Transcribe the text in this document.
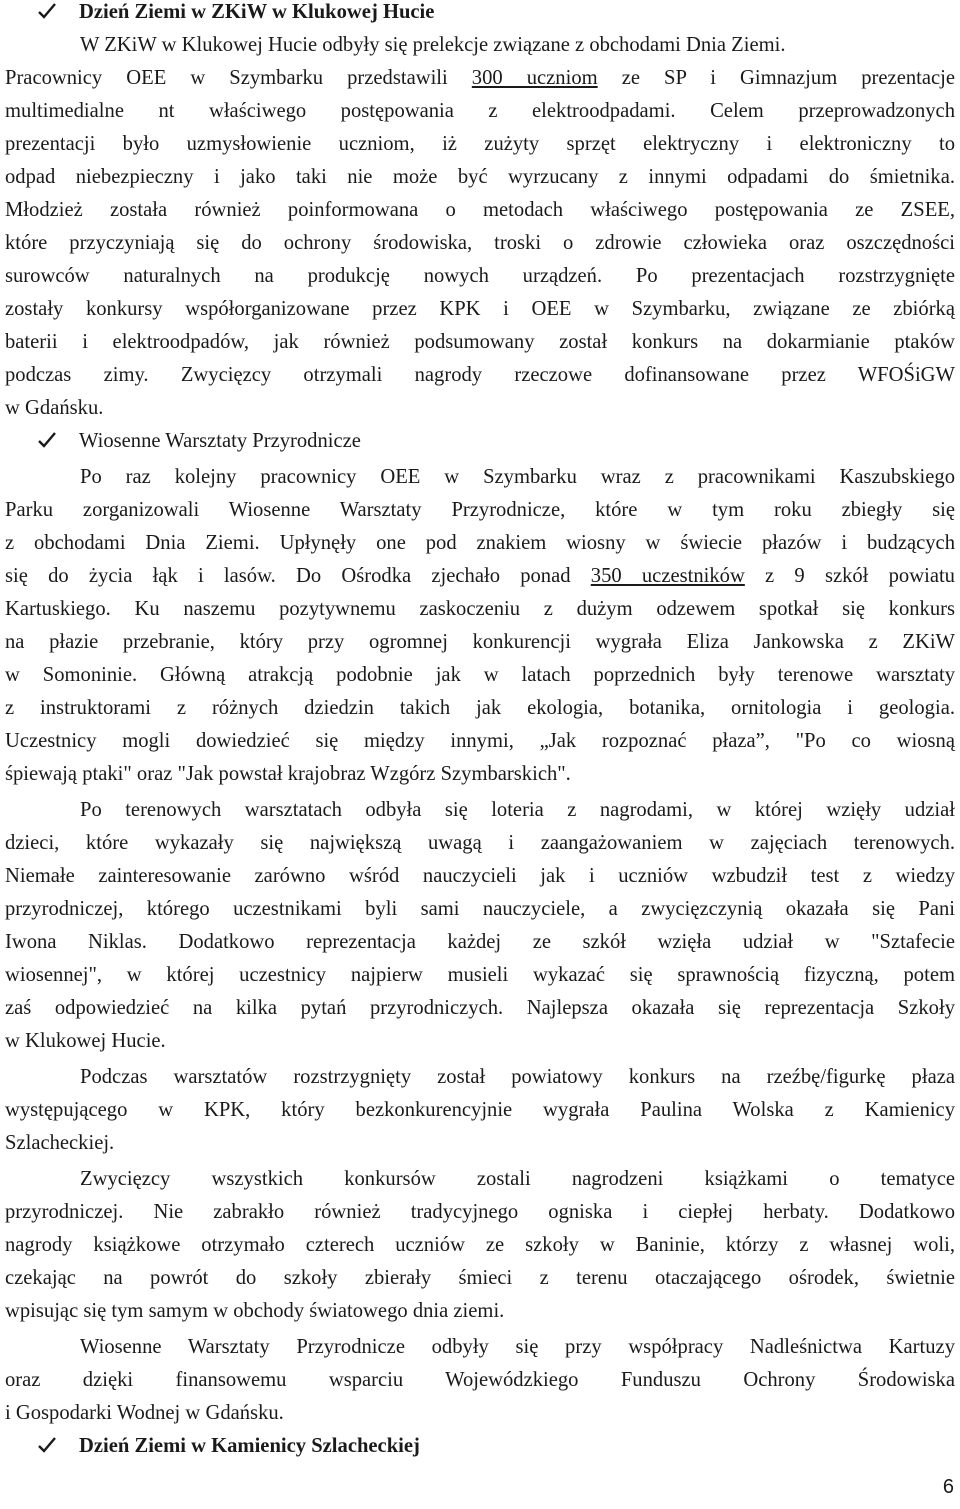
Dzień Ziemi w ZKiW w Klukowej Hucie
W ZKiW w Klukowej Hucie odbyły się prelekcje związane z obchodami Dnia Ziemi.
Pracownicy OEE w Szymbarku przedstawili 300 uczniom ze SP i Gimnazjum prezentacje
multimedialne nt właściwego postępowania z elektroodpadami. Celem przeprowadzonych
prezentacji było uzmysłowienie uczniom, iż zużyty sprzęt elektryczny i elektroniczny to
odpad niebezpieczny i jako taki nie może być wyrzucany z innymi odpadami do śmietnika.
Młodzież została również poinformowana o metodach właściwego postępowania ze ZSEE,
które przyczyniają się do ochrony środowiska, troski o zdrowie człowieka oraz oszczędności
surowców naturalnych na produkcję nowych urządzeń. Po prezentacjach rozstrzygnięte
zostały konkursy współorganizowane przez KPK i OEE w Szymbarku, związane ze zbiórką
baterii i elektroodpadów, jak również podsumowany został konkurs na dokarmianie ptaków
podczas zimy. Zwycięzcy otrzymali nagrody rzeczowe dofinansowane przez WFOŚiGW
w Gdańsku.
Wiosenne Warsztaty Przyrodnicze
Po raz kolejny pracownicy OEE w Szymbarku wraz z pracownikami Kaszubskiego
Parku zorganizowali Wiosenne Warsztaty Przyrodnicze, które w tym roku zbiegły się
z obchodami Dnia Ziemi. Upłynęły one pod znakiem wiosny w świecie płazów i budzących
się do życia łąk i lasów. Do Ośrodka zjechało ponad 350 uczestników z 9 szkół powiatu
Kartuskiego. Ku naszemu pozytywnemu zaskoczeniu z dużym odzewem spotkał się konkurs
na płazie przebranie, który przy ogromnej konkurencji wygrała Eliza Jankowska z ZKiW
w Somoninie. Główną atrakcją podobnie jak w latach poprzednich były terenowe warsztaty
z instruktorami z różnych dziedzin takich jak ekologia, botanika, ornitologia i geologia.
Uczestnicy mogli dowiedzieć się między innymi, „Jak rozpoznać płaza”, "Po co wiosną
śpiewają ptaki" oraz "Jak powstał krajobraz Wzgórz Szymbarskich".
Po terenowych warsztatach odbyła się loteria z nagrodami, w której wzięły udział
dzieci, które wykazały się największą uwagą i zaangażowaniem w zajęciach terenowych.
Niemałe zainteresowanie zarówno wśród nauczycieli jak i uczniów wzbudził test z wiedzy
przyrodniczej, którego uczestnikami byli sami nauczyciele, a zwycięzczynią okazała się Pani
Iwona Niklas. Dodatkowo reprezentacja każdej ze szkół wzięła udział w "Sztafecie
wiosennej", w której uczestnicy najpierw musieli wykazać się sprawnością fizyczną, potem
zaś odpowiedzieć na kilka pytań przyrodniczych. Najlepsza okazała się reprezentacja Szkoły
w Klukowej Hucie.
Podczas warsztatów rozstrzygnięty został powiatowy konkurs na rzeźbę/figurkę płaza
występującego w KPK, który bezkonkurencyjnie wygrała Paulina Wolska z Kamienicy
Szlacheckiej.
Zwycięzcy wszystkich konkursów zostali nagrodzeni książkami o tematyce
przyrodniczej. Nie zabrakło również tradycyjnego ogniska i ciepłej herbaty. Dodatkowo
nagrody książkowe otrzymało czterech uczniów ze szkoły w Baninie, którzy z własnej woli,
czekając na powrót do szkoły zbierały śmieci z terenu otaczającego ośrodek, świetnie
wpisując się tym samym w obchody światowego dnia ziemi.
Wiosenne Warsztaty Przyrodnicze odbyły się przy współpracy Nadleśnictwa Kartuzy
oraz dzięki finansowemu wsparciu Wojewódzkiego Funduszu Ochrony Środowiska
i Gospodarki Wodnej w Gdańsku.
Dzień Ziemi w Kamienicy Szlacheckiej
6
